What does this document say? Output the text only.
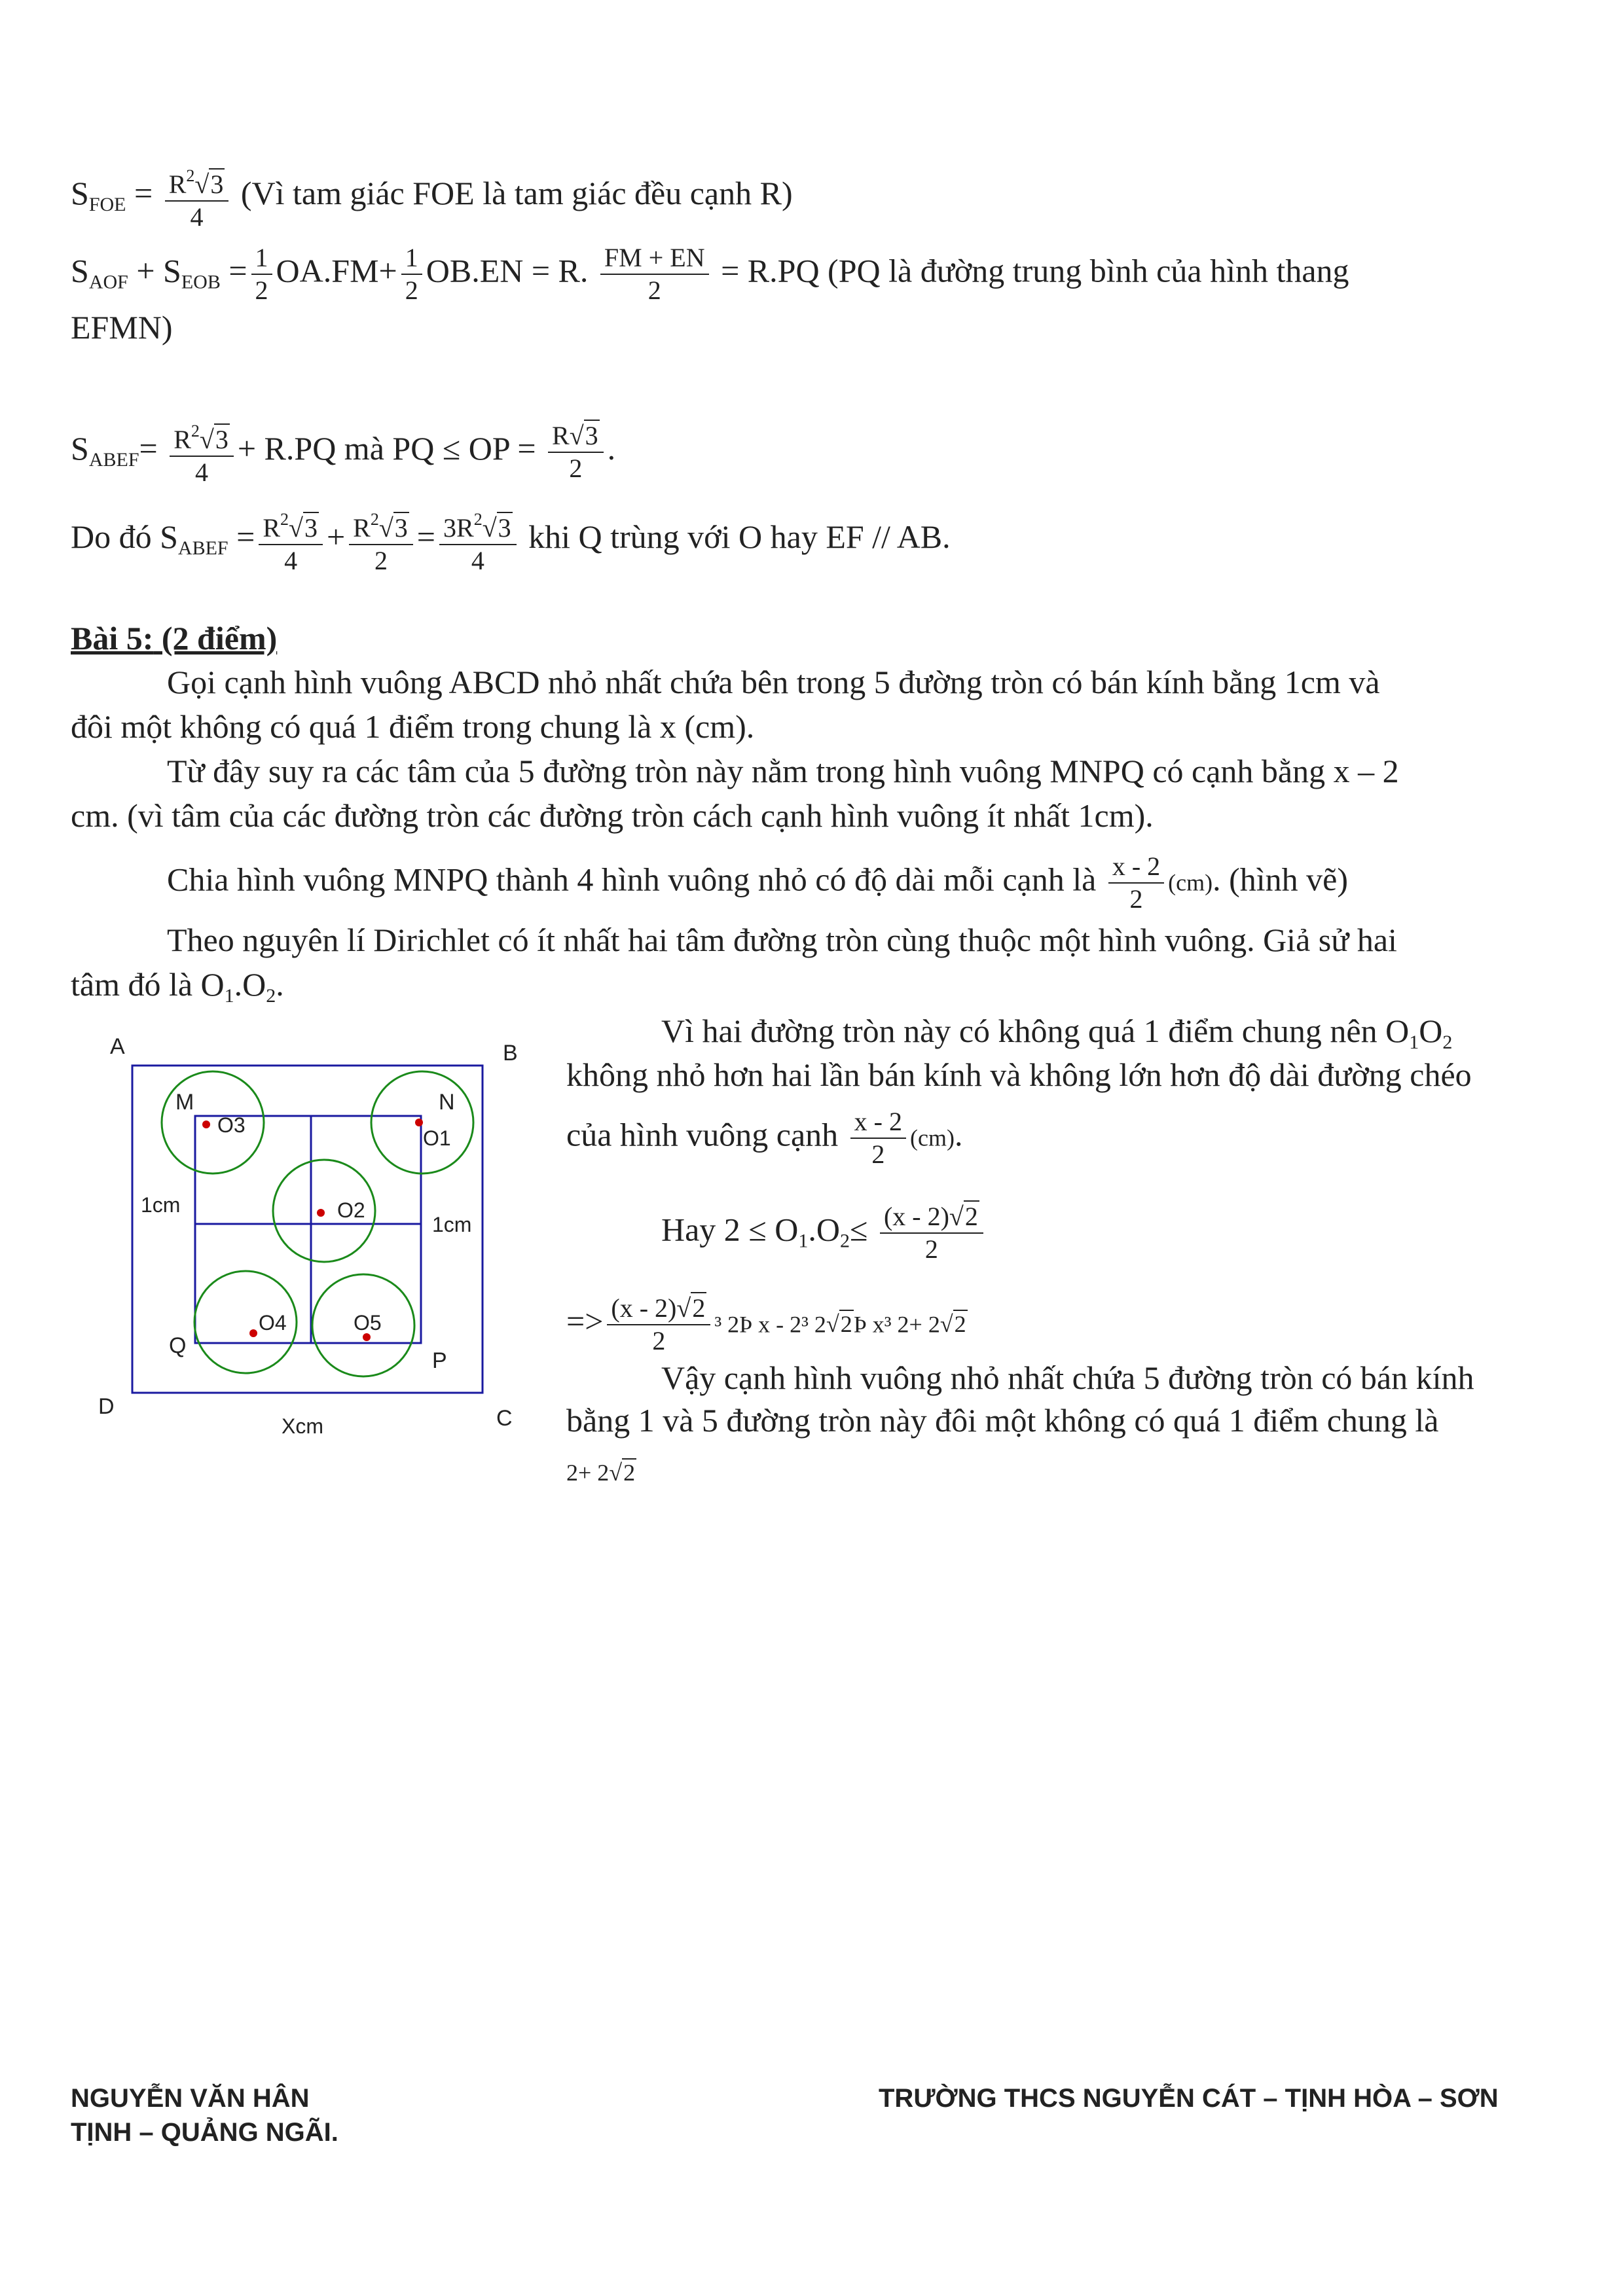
$S_{FOE} = \frac{R^2√3}{4}$ (Vì tam giác FOE là tam giác đều cạnh R)
$S_{AOF} + S_{EOB} = \frac{1}{2} OA.FM+ \frac{1}{2} OB.EN = R$. $\frac{FM + EN}{2} = R.PQ$ (PQ là đường trung bình của hình thang
EFMN)
$S_{ABEF}= \frac{R^2√3}{4} + R.PQ$ mà PQ ≤ OP = $\frac{R√3}{2}$ .
Do đó $S_{ABEF} = \frac{R^2√3}{4} + \frac{R^2√3}{2} = \frac{3R^2√3}{4}$ khi Q trùng với O hay EF // AB.
Bài 5: (2 điểm)
Gọi cạnh hình vuông ABCD nhỏ nhất chứa bên trong 5 đường tròn có bán kính bằng 1cm và
đôi một không có quá 1 điểm trong chung là x (cm).
Từ đây suy ra các tâm của 5 đường tròn này nằm trong hình vuông MNPQ có cạnh bằng x – 2
cm. (vì tâm của các đường tròn các đường tròn cách cạnh hình vuông ít nhất 1cm).
Chia hình vuông MNPQ thành 4 hình vuông nhỏ có độ dài mỗi cạnh là $\frac{x - 2}{2} (cm)$. (hình vẽ)
Theo nguyên lí Dirichlet có ít nhất hai tâm đường tròn cùng thuộc một hình vuông. Giả sử hai
tâm đó là $O_1.O_2$.
Vì hai đường tròn này có không quá 1 điểm chung nên $O_1O_2$
không nhỏ hơn hai lần bán kính và không lớn hơn độ dài đường chéo
của hình vuông cạnh $\frac{x - 2}{2} (cm)$.
Hay $2 \le O_1.O_2\le \frac{(x - 2)√2}{2}$
=> $\frac{(x - 2)√2}{2} ^3$ 2Þ x - 2³ 2√2Þ x³ 2+ 2√2
Vậy cạnh hình vuông nhỏ nhất chứa 5 đường tròn có bán kính
bằng 1 và 5 đường tròn này đôi một không có quá 1 điểm chung là
2+ 2√2
A	B
C
D
M	N
P
Q
O3
O1
O2
O4	O5
1cm
1cm
Xcm
NGUYỄN VĂN HÂN
TỊNH – QUẢNG NGÃI.
TRƯỜNG THCS NGUYỄN CÁT – TỊNH HÒA – SƠN
